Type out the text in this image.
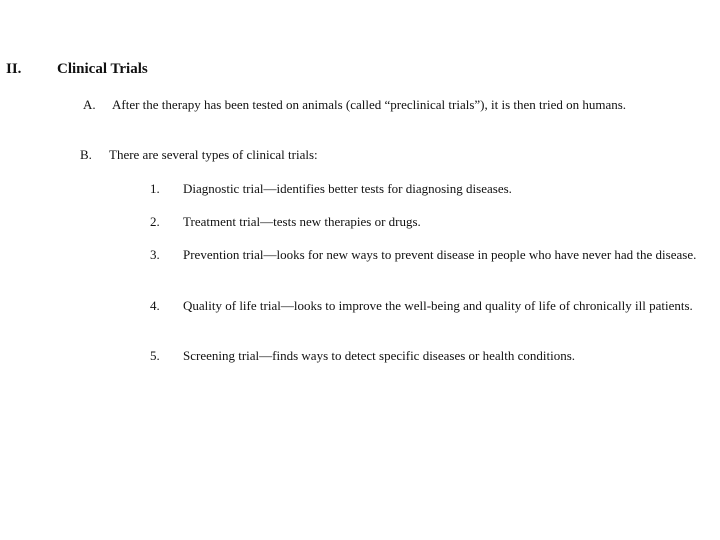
II. Clinical Trials
A. After the therapy has been tested on animals (called “preclinical trials”), it is then tried on humans.
B. There are several types of clinical trials:
1. Diagnostic trial—identifies better tests for diagnosing diseases.
2. Treatment trial—tests new therapies or drugs.
3. Prevention trial—looks for new ways to prevent disease in people who have never had the disease.
4. Quality of life trial—looks to improve the well-being and quality of life of chronically ill patients.
5. Screening trial—finds ways to detect specific diseases or health conditions.
